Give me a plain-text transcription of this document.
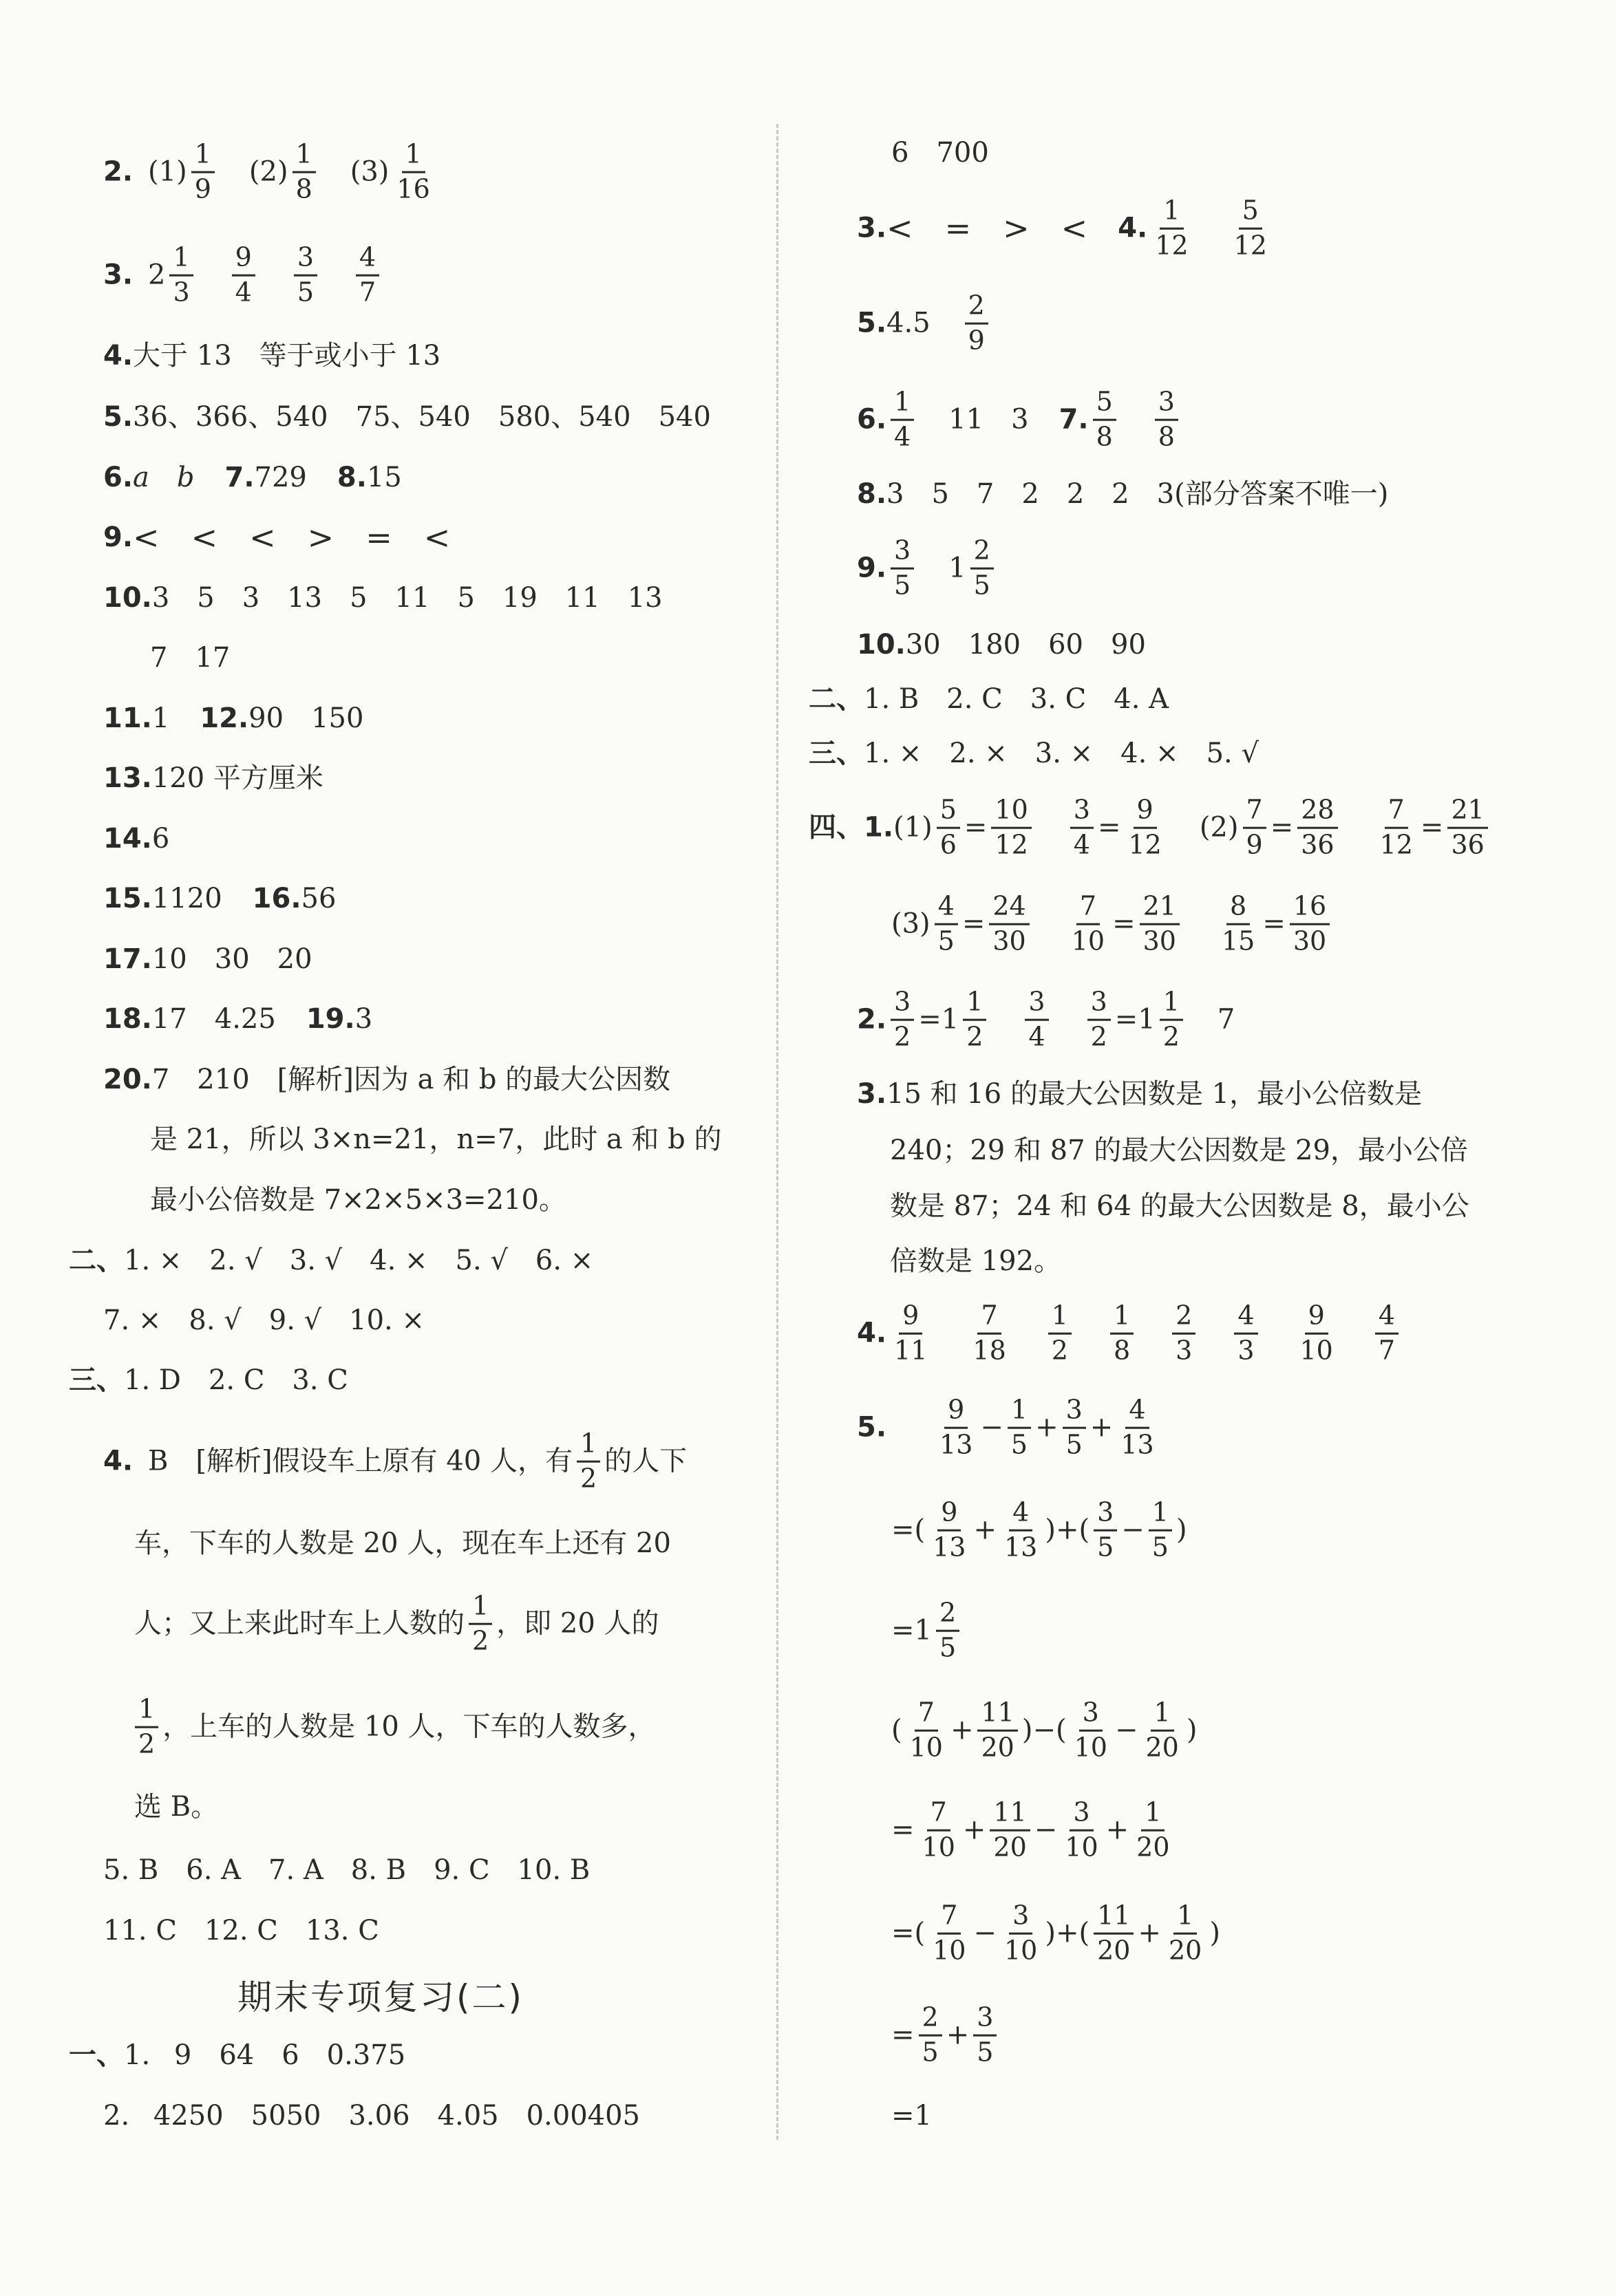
2. $(1) \frac{1}{9} (2) \frac{1}{8} (3) \frac{1}{16}$
3. $2 \frac{1}{3} \frac{9}{4} \frac{3}{5} \frac{4}{7}$
4. 大于 13　等于或小于 13
5. 36、366、540　75、540　580、540　540
6. a　b 7. 729 8. 15
9. <　<　<　>　=　<
10. 3　5　3　13　5　11　5　19　11　13
7　17
11. 1 12. 90　150
13. 120 平方厘米
14. 6
15. 1120 16. 56
17. 10　30　20
18. 17　4.25 19. 3
20. 7　210　[解析]因为 a 和 b 的最大公因数
是 21，所以 3×n=21，n=7，此时 a 和 b 的
最小公倍数是 7×2×5×3=210。
二、 1. ×　2. √　3. √　4. ×　5. √　6. ×
7. ×　8. √　9. √　10. ×
三、 1. D　2. C　3. C
4. B　[解析]假设车上原有 40 人，有 $\frac{1}{2}$ 的人下
车，下车的人数是 20 人，现在车上还有 20
人；又上来此时车上人数的 $\frac{1}{2}$ ，即 20 人的
$\frac{1}{2}$ ，上车的人数是 10 人，下车的人数多，
选 B。
5. B　6. A　7. A　8. B　9. C　10. B
11. C　12. C　13. C
期末专项复习(二)
一、 1. 9　64　6　0.375
2. 4250　5050　3.06　4.05　0.00405
6　700
3. <　=　>　< 4. $\frac{1}{12} \frac{5}{12}$
5. $4.5 \frac{2}{9}$
6. $\frac{1}{4} 11$　3 7. $\frac{5}{8} \frac{3}{8}$
8. 3　5　7　2　2　2　3(部分答案不唯一)
9. $\frac{3}{5} 1 \frac{2}{5}$
10. 30　180　60　90
二、 1. B　2. C　3. C　4. A
三、 1. ×　2. ×　3. ×　4. ×　5. √
四、 1. $(1) \frac{5}{6} = \frac{10}{12} \frac{3}{4} = \frac{9}{12} (2) \frac{7}{9} = \frac{28}{36} \frac{7}{12} = \frac{21}{36}$
$(3) \frac{4}{5} = \frac{24}{30} \frac{7}{10} = \frac{21}{30} \frac{8}{15} = \frac{16}{30}$
2. $\frac{3}{2} =1 \frac{1}{2} \frac{3}{4} \frac{3}{2} =1 \frac{1}{2} 7$
3. 15 和 16 的最大公因数是 1，最小公倍数是
240；29 和 87 的最大公因数是 29，最小公倍
数是 87；24 和 64 的最大公因数是 8，最小公
倍数是 192。
4. $\frac{9}{11} \frac{7}{18} \frac{1}{2} \frac{1}{8} \frac{2}{3} \frac{4}{3} \frac{9}{10} \frac{4}{7}$
5. $\frac{9}{13} - \frac{1}{5} + \frac{3}{5} + \frac{4}{13}$
=( $\frac{9}{13} + \frac{4}{13}$ )+( $\frac{3}{5} - \frac{1}{5}$ )
$=1 \frac{2}{5}$
( $\frac{7}{10} + \frac{11}{20}$ )−( $\frac{3}{10} - \frac{1}{20}$ )
= $\frac{7}{10} + \frac{11}{20} - \frac{3}{10} + \frac{1}{20}$
=( $\frac{7}{10} - \frac{3}{10}$ )+( $\frac{11}{20} + \frac{1}{20}$ )
= $\frac{2}{5} + \frac{3}{5}$
=1
